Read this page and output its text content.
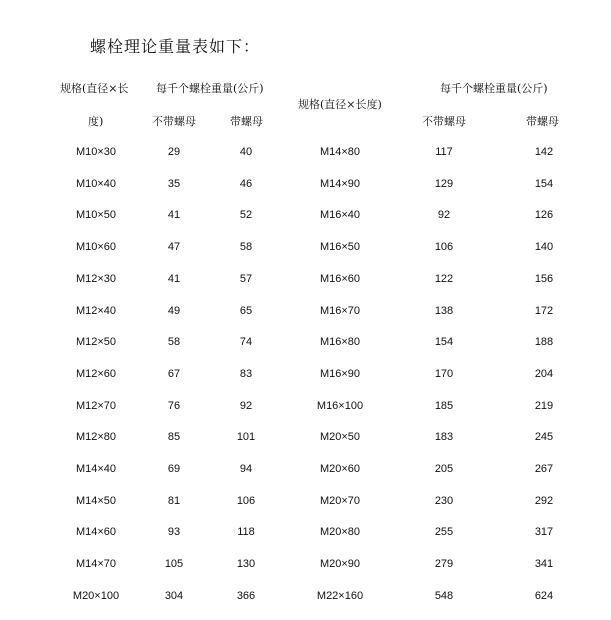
螺栓理论重量表如下：
规格(直径×长
度)
每千个螺栓重量(公斤)
不带螺母	带螺母
规格(直径×长度)
每千个螺栓重量(公斤)
不带螺母	带螺母
M10×30	29	40	M14×80	117	142
M10×40	35	46	M14×90	129	154
M10×50	41	52	M16×40	92	126
M10×60	47	58	M16×50	106	140
M12×30	41	57	M16×60	122	156
M12×40	49	65	M16×70	138	172
M12×50	58	74	M16×80	154	188
M12×60	67	83	M16×90	170	204
M12×70	76	92	M16×100	185	219
M12×80	85	101	M20×50	183	245
M14×40	69	94	M20×60	205	267
M14×50	81	106	M20×70	230	292
M14×60	93	118	M20×80	255	317
M14×70	105	130	M20×90	279	341
M20×100	304	366	M22×160	548	624
